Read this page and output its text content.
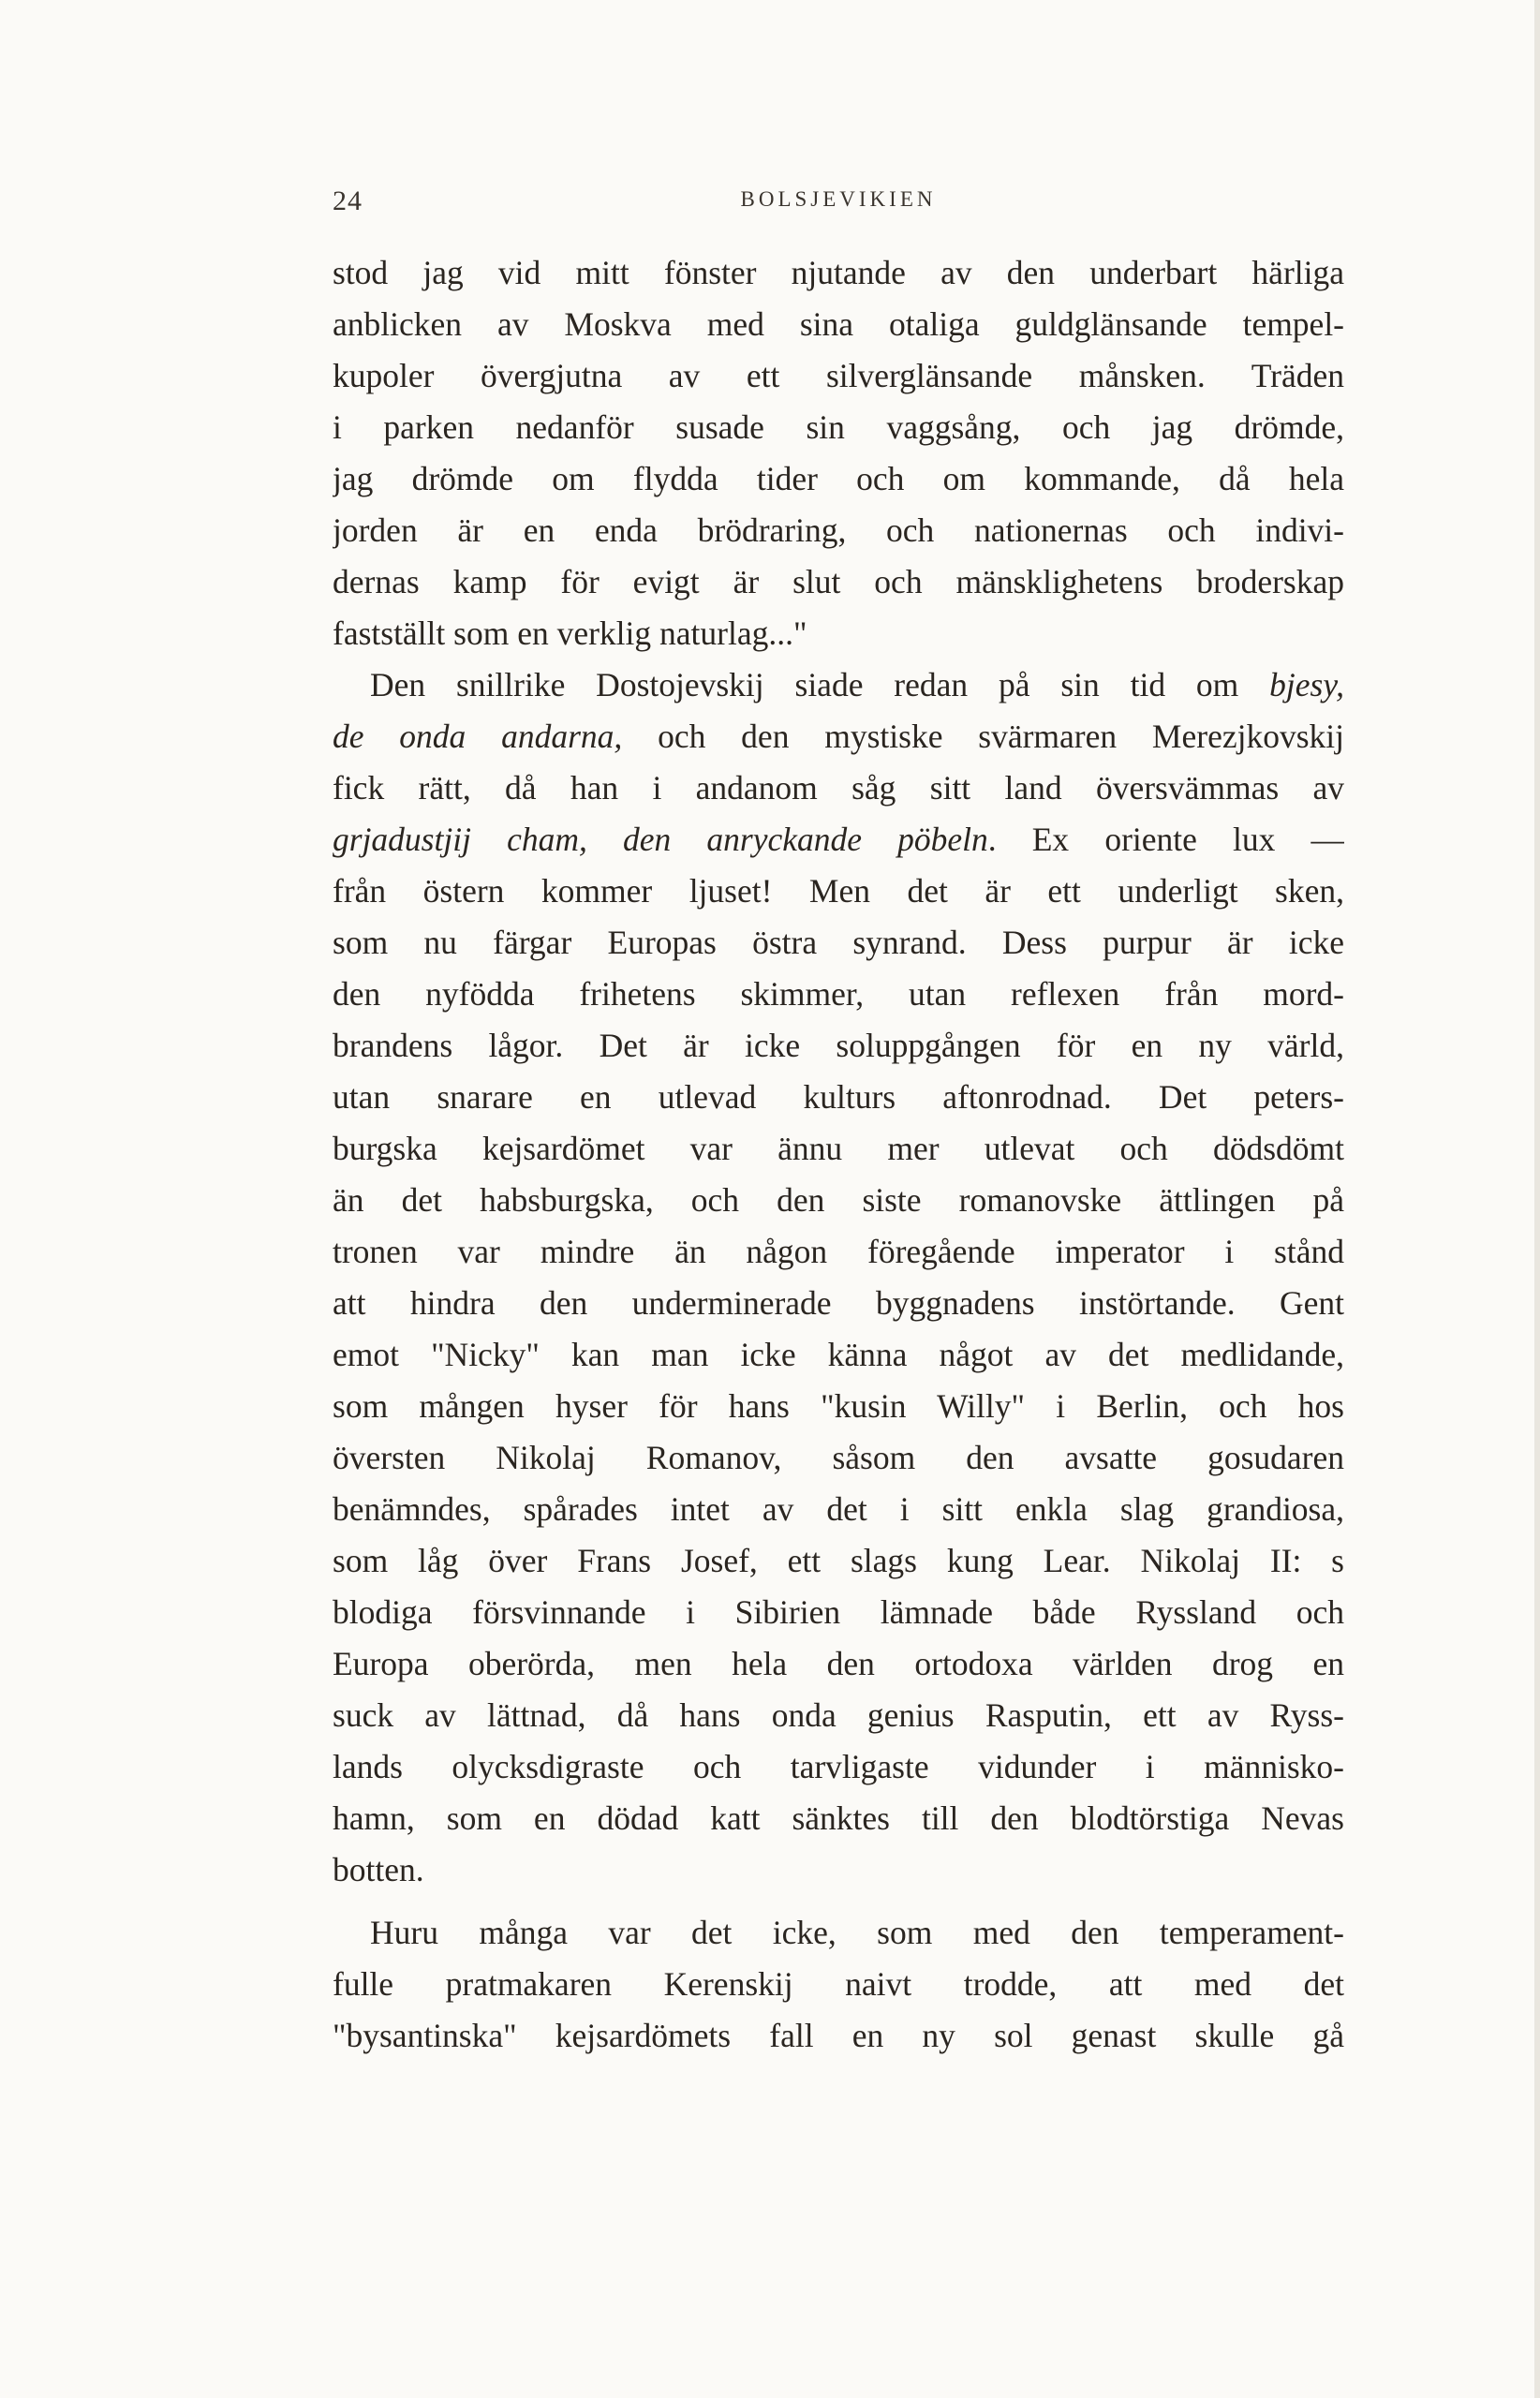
24	BOLSJEVIKIEN
stod jag vid mitt fönster njutande av den underbart härliga
anblicken av Moskva med sina otaliga guldglänsande tempel-
kupoler övergjutna av ett silverglänsande månsken. Träden
i parken nedanför susade sin vaggsång, och jag drömde,
jag drömde om flydda tider och om kommande, då hela
jorden är en enda brödraring, och nationernas och indivi-
dernas kamp för evigt är slut och mänsklighetens broderskap
fastställt som en verklig naturlag..."
Den snillrike Dostojevskij siade redan på sin tid om bjesy,
de onda andarna, och den mystiske svärmaren Merezjkovskij
fick rätt, då han i andanom såg sitt land översvämmas av
grjadustjij cham, den anryckande pöbeln. Ex oriente lux —
från östern kommer ljuset! Men det är ett underligt sken,
som nu färgar Europas östra synrand. Dess purpur är icke
den nyfödda frihetens skimmer, utan reflexen från mord-
brandens lågor. Det är icke soluppgången för en ny värld,
utan snarare en utlevad kulturs aftonrodnad. Det peters-
burgska kejsardömet var ännu mer utlevat och dödsdömt
än det habsburgska, och den siste romanovske ättlingen på
tronen var mindre än någon föregående imperator i stånd
att hindra den underminerade byggnadens instörtande. Gent
emot "Nicky" kan man icke känna något av det medlidande,
som mången hyser för hans "kusin Willy" i Berlin, och hos
översten Nikolaj Romanov, såsom den avsatte gosudaren
benämndes, spårades intet av det i sitt enkla slag grandiosa,
som låg över Frans Josef, ett slags kung Lear. Nikolaj II: s
blodiga försvinnande i Sibirien lämnade både Ryssland och
Europa oberörda, men hela den ortodoxa världen drog en
suck av lättnad, då hans onda genius Rasputin, ett av Ryss-
lands olycksdigraste och tarvligaste vidunder i människo-
hamn, som en dödad katt sänktes till den blodtörstiga Nevas
botten.
Huru många var det icke, som med den temperament-
fulle pratmakaren Kerenskij naivt trodde, att med det
"bysantinska" kejsardömets fall en ny sol genast skulle gå
